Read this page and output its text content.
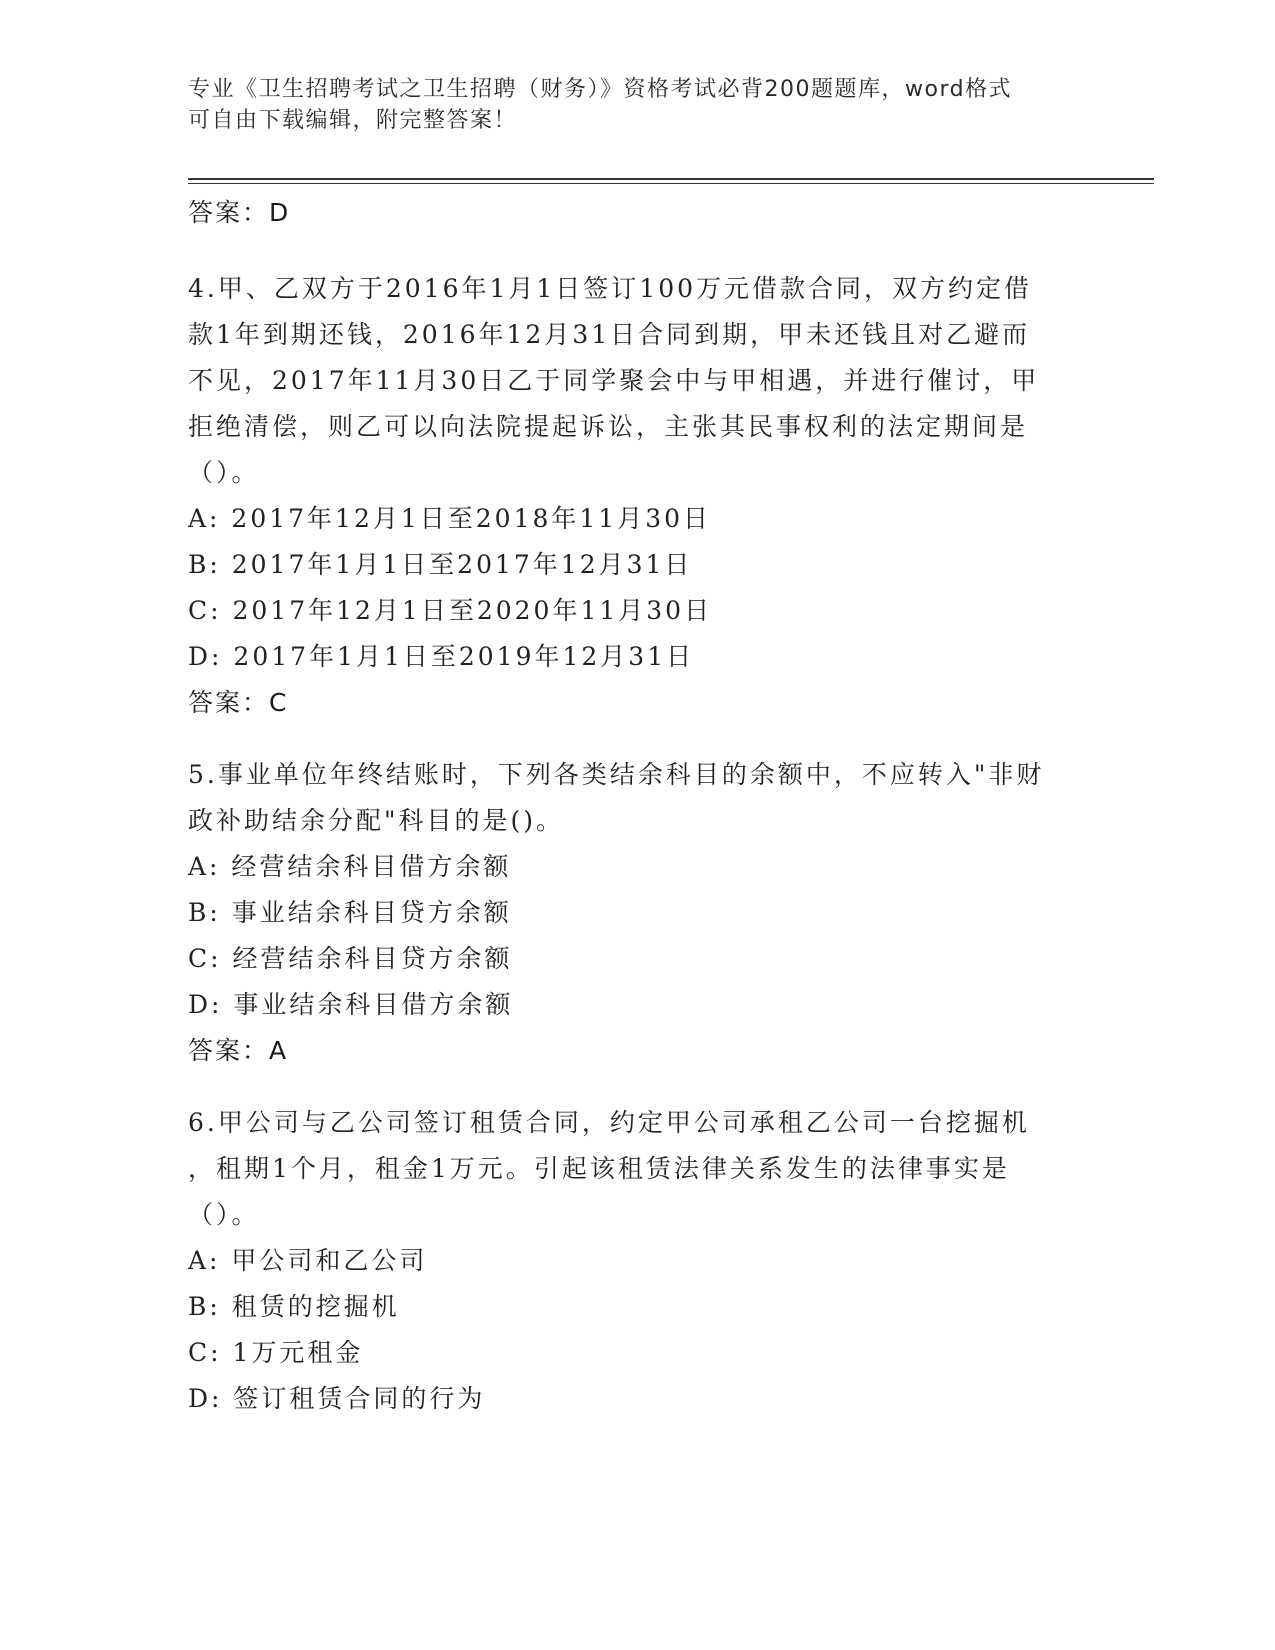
专业《卫生招聘考试之卫生招聘（财务）》资格考试必背200题题库，word格式
可自由下载编辑，附完整答案！

答案：D

4.甲、乙双方于2016年1月1日签订100万元借款合同，双方约定借

款1年到期还钱，2016年12月31日合同到期，甲未还钱且对乙避而

不见，2017年11月30日乙于同学聚会中与甲相遇，并进行催讨，甲

拒绝清偿，则乙可以向法院提起诉讼，主张其民事权利的法定期间是

（）。

A: 2017年12月1日至2018年11月30日

B: 2017年1月1日至2017年12月31日

C: 2017年12月1日至2020年11月30日

D: 2017年1月1日至2019年12月31日

答案：C

5.事业单位年终结账时，下列各类结余科目的余额中，不应转入"非财

政补助结余分配"科目的是()。

A: 经营结余科目借方余额

B: 事业结余科目贷方余额

C: 经营结余科目贷方余额

D: 事业结余科目借方余额

答案：A

6.甲公司与乙公司签订租赁合同，约定甲公司承租乙公司一台挖掘机

，租期1个月，租金1万元。引起该租赁法律关系发生的法律事实是

（）。

A: 甲公司和乙公司

B: 租赁的挖掘机

C: 1万元租金

D: 签订租赁合同的行为
